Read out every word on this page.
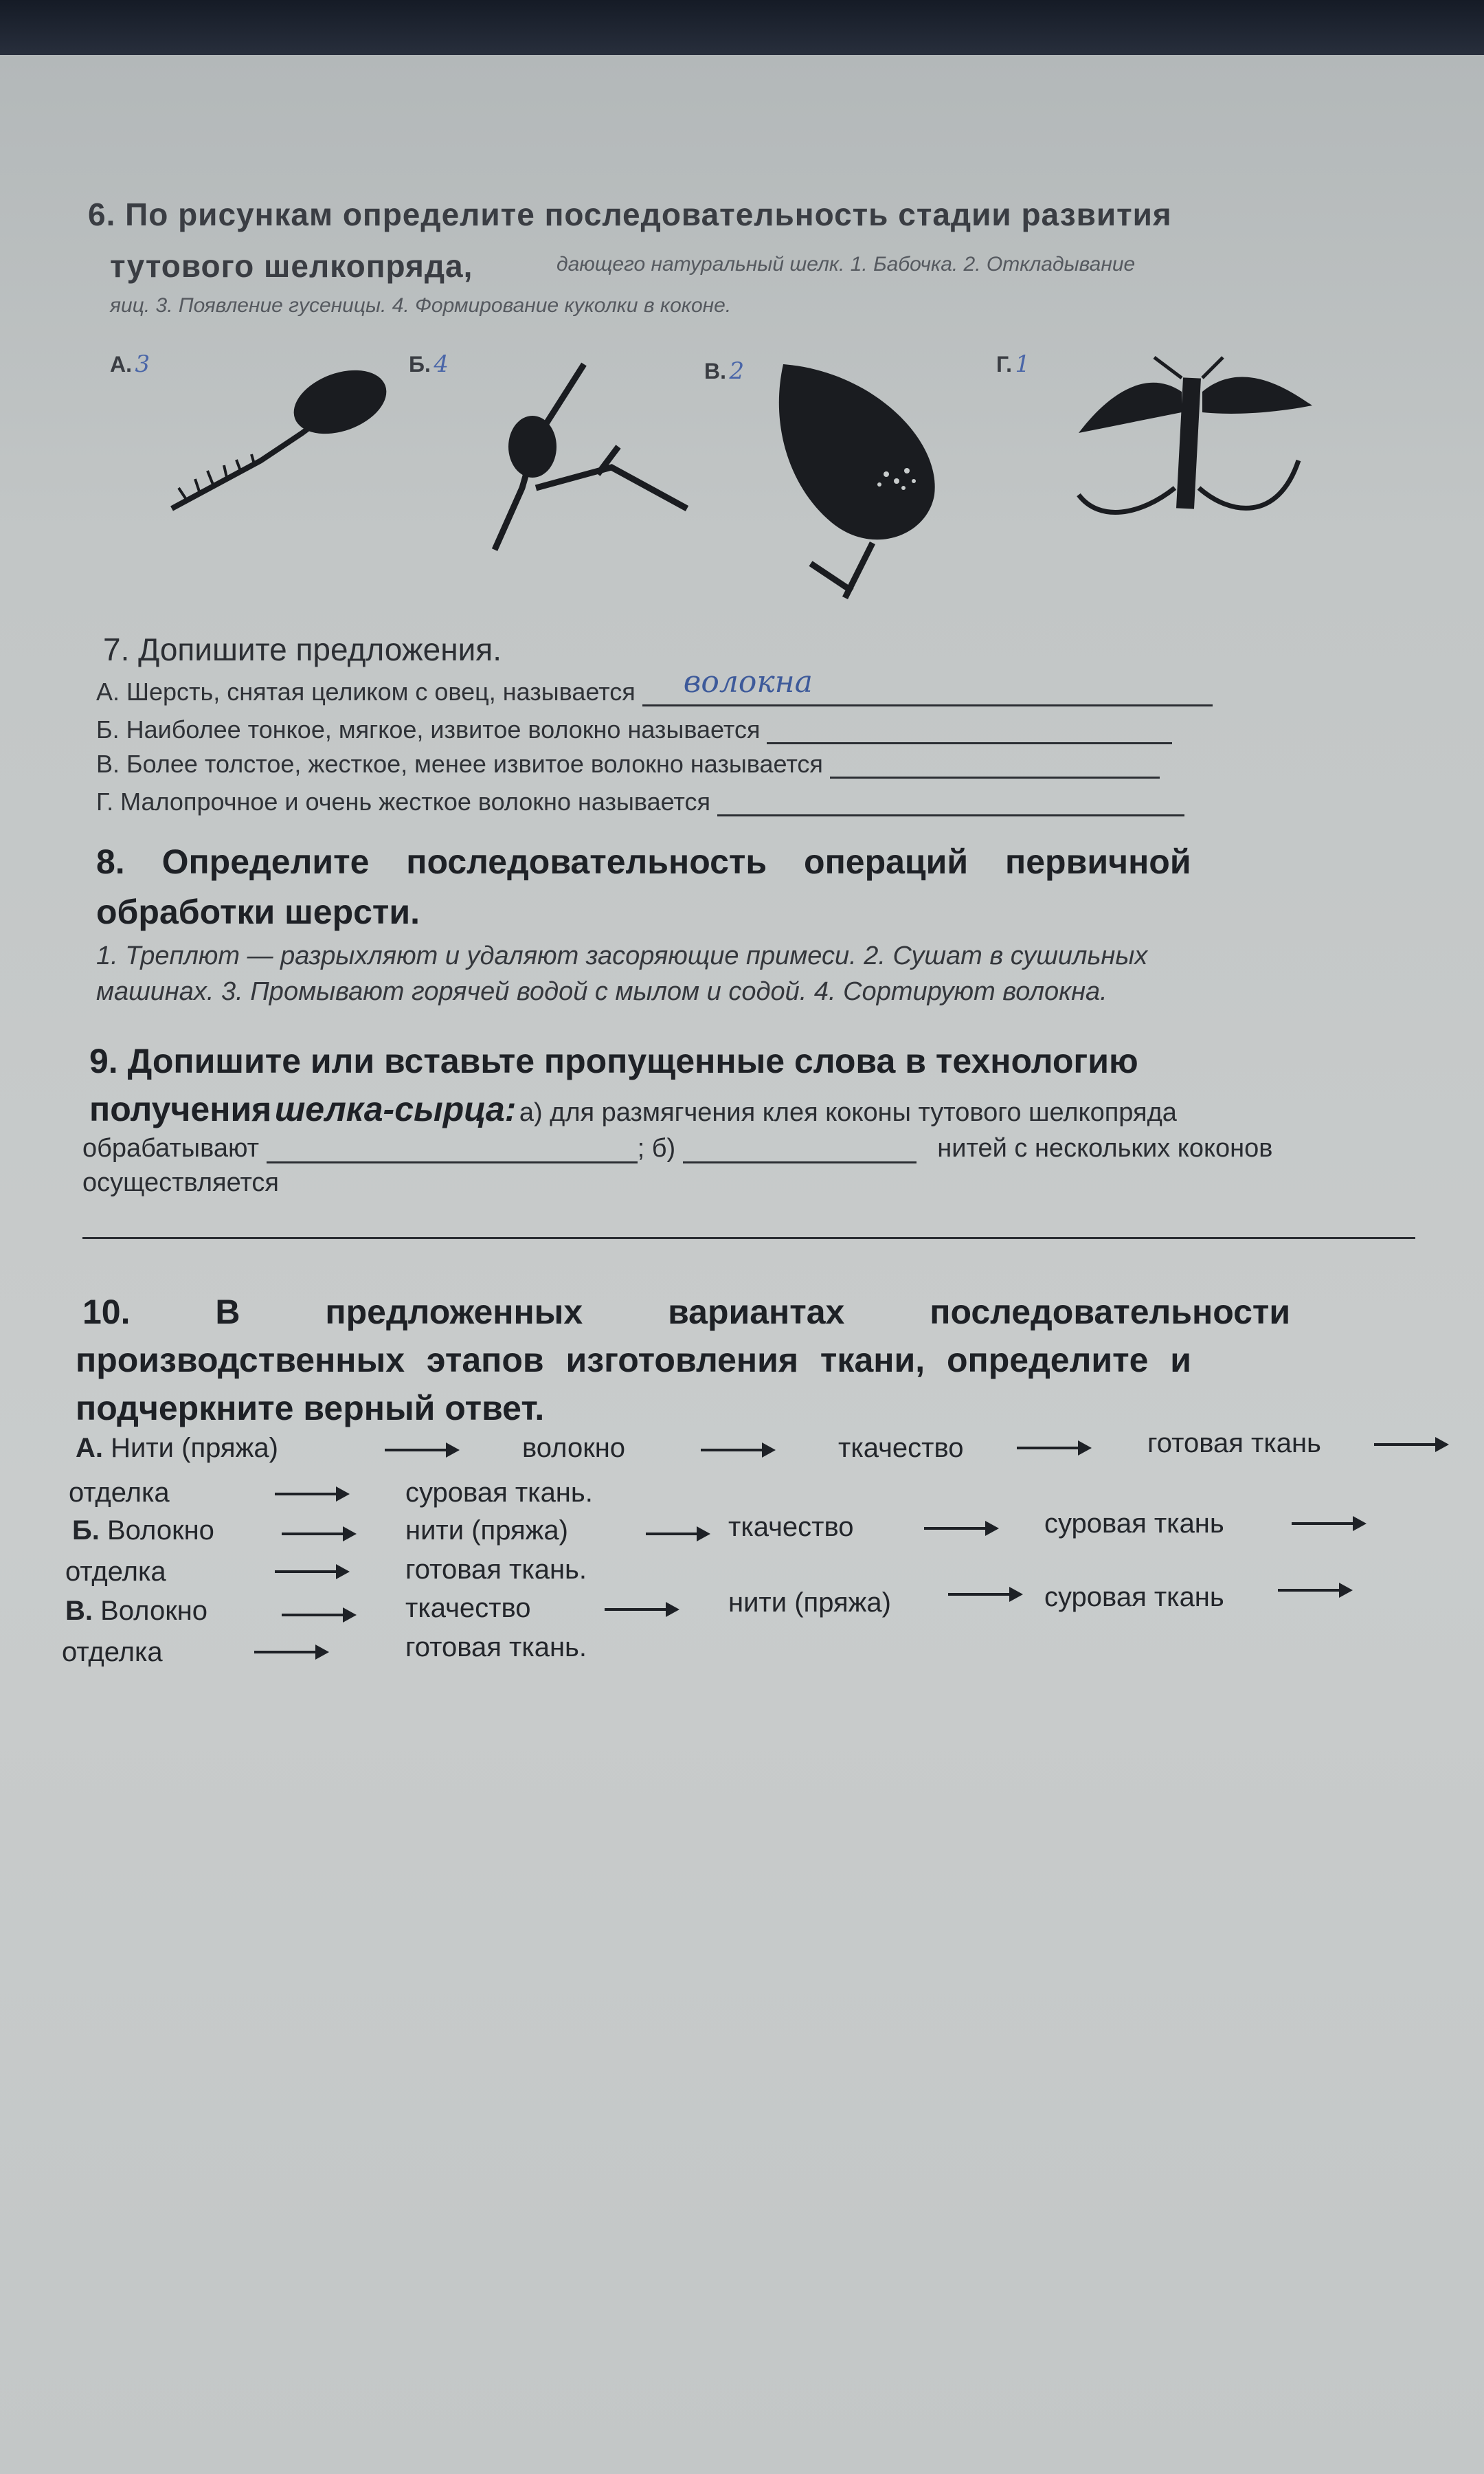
6. По рисункам определите последовательность стадии развития
тутового шелкопряда,	дающего натуральный шелк. 1. Бабочка. 2. Откладывание
яиц. 3. Появление гусеницы. 4. Формирование куколки в коконе.
А. 3	Б. 4	В. 2	Г. 1
7. Допишите предложения.
А. Шерсть, снятая целиком с овец, называется волокна
Б. Наиболее тонкое, мягкое, извитое волокно называется
В. Более толстое, жесткое, менее извитое волокно называется
Г. Малопрочное и очень жесткое волокно называется
8. Определите последовательность операций первичной
обработки шерсти.
1. Треплют — разрыхляют и удаляют засоряющие примеси. 2. Сушат в сушильных
машинах. 3. Промывают горячей водой с мылом и содой. 4. Сортируют волокна.
9. Допишите или вставьте пропущенные слова в технологию
получения шелка-сырца: а) для размягчения клея коконы тутового шелкопряда
обрабатывают	; б)	нитей с нескольких коконов
осуществляется
10. В предложенных вариантах последовательности
производственных этапов изготовления ткани, определите и
подчеркните верный ответ.
А. Нити (пряжа)	волокно	ткачество	готовая ткань
отделка	суровая ткань.
Б. Волокно	нити (пряжа)	ткачество	суровая ткань
отделка	готовая ткань.
В. Волокно	ткачество	нити (пряжа)	суровая ткань
отделка	готовая ткань.
